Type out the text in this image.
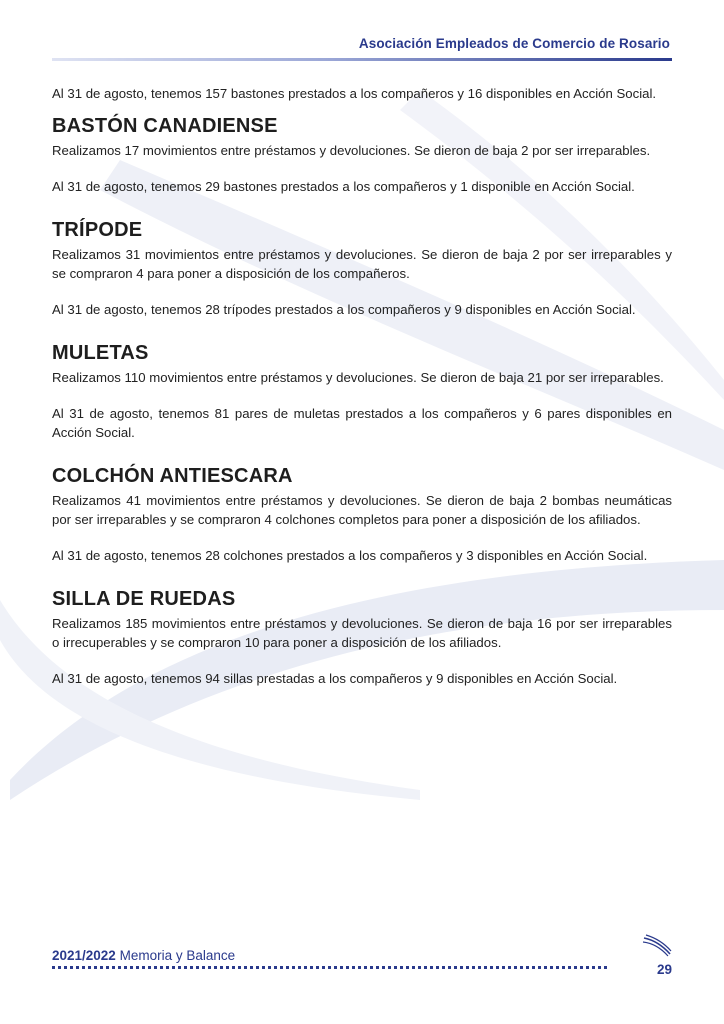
Asociación Empleados de Comercio de Rosario

Al 31 de agosto, tenemos 157 bastones prestados a los compañeros y 16 disponibles en Acción Social.

BASTÓN CANADIENSE

Realizamos 17 movimientos entre préstamos y devoluciones. Se dieron de baja 2 por ser irreparables.

Al 31 de agosto, tenemos 29 bastones prestados a los compañeros y 1 disponible en Acción Social.

TRÍPODE

Realizamos 31 movimientos entre préstamos y devoluciones. Se dieron de baja 2 por ser irreparables y se compraron 4 para poner a disposición de los compañeros.

Al 31 de agosto, tenemos 28 trípodes prestados a los compañeros y 9 disponibles en Acción Social.

MULETAS

Realizamos 110 movimientos entre préstamos y devoluciones. Se dieron de baja 21 por ser irreparables.

Al 31 de agosto, tenemos 81 pares de muletas prestados a los compañeros y 6 pares disponibles en Acción Social.

COLCHÓN ANTIESCARA

Realizamos 41 movimientos entre préstamos y devoluciones. Se dieron de baja 2 bombas neumáticas por ser irreparables y se compraron 4 colchones completos para poner a disposición de los afiliados.

Al 31 de agosto, tenemos 28 colchones prestados a los compañeros y 3 disponibles en Acción Social.

SILLA DE RUEDAS

Realizamos 185 movimientos entre préstamos y devoluciones. Se dieron de baja 16 por ser irreparables o irrecuperables y se compraron 10 para poner a disposición de los afiliados.

Al 31 de agosto, tenemos 94 sillas prestadas a los compañeros y 9 disponibles en Acción Social.

2021/2022 Memoria y Balance
29
